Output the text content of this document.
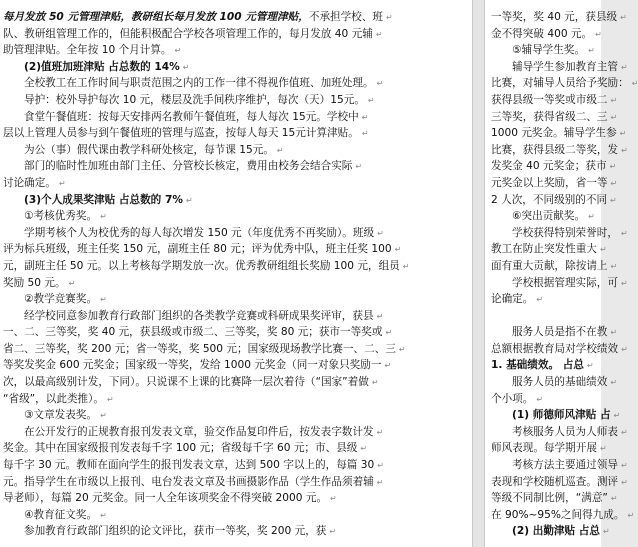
每月发放 50 元管理津贴，教研组长每月发放 100 元管理津贴，不承担学校、班 ↵
队、教研组管理工作的，但能积极配合学校各项管理工作的，每月发放 40 元辅 ↵
助管理津贴。全年按 10 个月计算。 ↵
(2)值班加班津贴 占总数的 14% ↵
全校教工在工作时间与职责范围之内的工作一律不得视作值班、加班处理。 ↵
导护：校外导护每次 10 元，楼层及洗手间秩序维护，每次（天）15元。 ↵
食堂午餐值班：按每天安排两名教师午餐值班，每人每次 15元。学校中 ↵
层以上管理人员参与到午餐值班的管理与巡查，按每人每天 15元计算津贴。 ↵
为公（事）假代课由教学科研处核定，每节课 15元。 ↵
部门的临时性加班由部门主任、分管校长核定，费用由校务会结合实际 ↵
讨论确定。 ↵
(3)个人成果奖津贴 占总数的 7% ↵
①考核优秀奖。 ↵
学期考核个人为校优秀的每人每次增发 150 元（年度优秀不再奖励）。班级 ↵
评为标兵班级，班主任奖 150 元，副班主任 80 元；评为优秀中队，班主任奖 100 ↵
元，副班主任 50 元。以上考核每学期发放一次。优秀教研组组长奖励 100 元，组员 ↵
奖励 50 元。 ↵
②教学竞赛奖。 ↵
经学校同意参加教育行政部门组织的各类教学竞赛或科研成果奖评审，获县 ↵
一、二、三等奖，奖 40 元，获县级或市级二、三等奖，奖 80 元；获市一等奖或 ↵
省二、三等奖，奖 200 元；省一等奖，奖 500 元；国家级现场教学比赛一、二、三 ↵
等奖发奖金 600 元奖金；国家级一等奖，发给 1000 元奖金（同一对象只奖励一 ↵
次，以最高级别计发，下同）。只说课不上课的比赛降一层次着待（“国家”着做 ↵
“省级”，以此类推）。 ↵
③文章发表奖。 ↵
在公开发行的正规教育报刊发表文章，验交作品复印件后，按发表字数计发 ↵
奖金。其中在国家级报刊发表每千字 100 元；省级每千字 60 元；市、县级 ↵
每千字 30 元。教师在面向学生的报刊发表文章，达到 500 字以上的，每篇 30 ↵
元。指导学生在市级以上报刊、电台发表文章及书画摄影作品（学生作品须着辅 ↵
导老师），每篇 20 元奖金。同一人全年该项奖金不得突破 2000 元。 ↵
④教育征文奖。 ↵
参加教育行政部门组织的论文评比，获市一等奖，奖 200 元，获 ↵
一等奖，奖 40 元，获县级 ↵
金不得突破 400 元。 ↵
⑤辅导学生奖。 ↵
辅导学生参加教育主管 ↵
比赛，对辅导人员给予奖励： ↵
获得县级一等奖或市级二 ↵
三等奖，获得省级二、三 ↵
1000 元奖金。辅导学生参 ↵
比赛，获得县级二等奖，发 ↵
发奖金 40 元奖金；获市 ↵
元奖金以上奖励，省一等 ↵
2 人次，不同级别的不同 ↵
⑥突出贡献奖。 ↵
学校获得特别荣誉时， ↵
教工在防止突发性重大 ↵
面有重大贡献，除按请上 ↵
学校根据管理实际，可 ↵
论确定。 ↵
服务人员是指不在教 ↵
总额根据教育局对学校绩效 ↵
1. 基础绩效。 占总 ↵
服务人员的基础绩效 ↵
个小项。 ↵
(1) 师德师风津贴 占 ↵
考核服务人员为人师表 ↵
师风表现。每学期开展 ↵
考核方法主要通过领导 ↵
表现和学校随机巡查。测评 ↵
等级不同制比例，“满意” ↵
在 90%~95%之间得九成。 ↵
(2) 出勤津贴 占总 ↵
